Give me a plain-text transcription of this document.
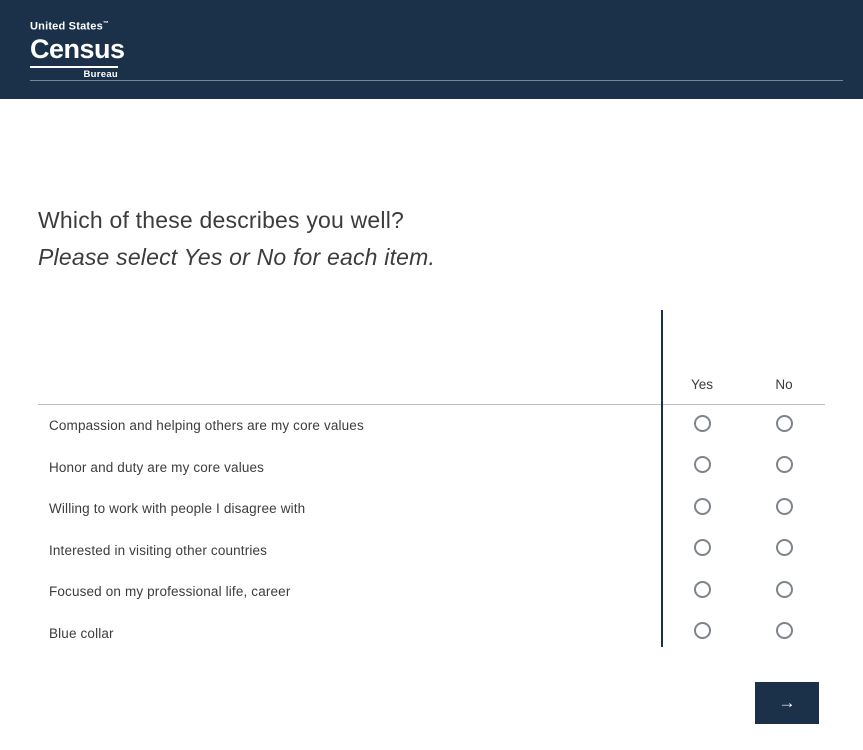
United States™
Census
Bureau

Which of these describes you well?

Please select Yes or No for each item.

	Yes	No
Compassion and helping others are my core values		
Honor and duty are my core values		
Willing to work with people I disagree with		
Interested in visiting other countries		
Focused on my professional life, career		
Blue collar		
→
